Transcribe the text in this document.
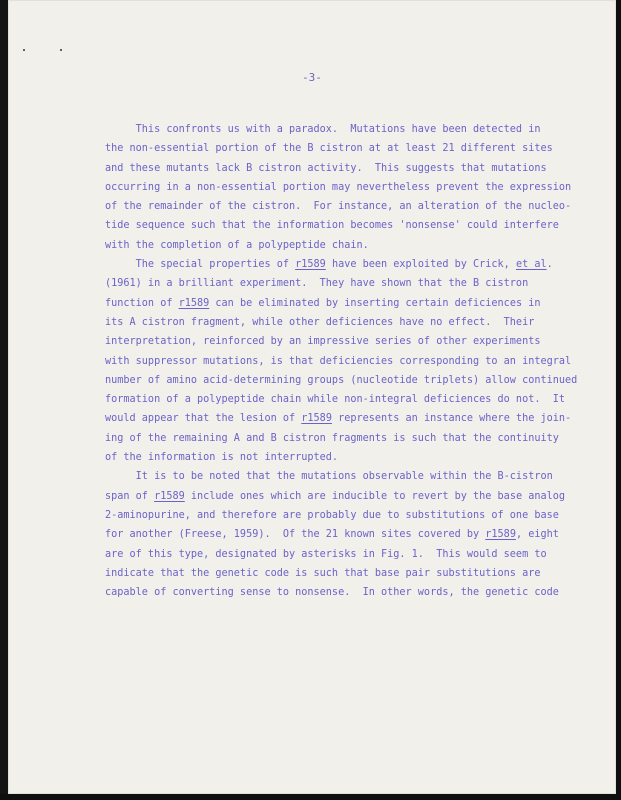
-3-
This confronts us with a paradox.  Mutations have been detected in
the non-essential portion of the B cistron at at least 21 different sites
and these mutants lack B cistron activity.  This suggests that mutations
occurring in a non-essential portion may nevertheless prevent the expression
of the remainder of the cistron.  For instance, an alteration of the nucleo-
tide sequence such that the information becomes 'nonsense' could interfere
with the completion of a polypeptide chain.
The special properties of r1589 have been exploited by Crick, et al.
(1961) in a brilliant experiment.  They have shown that the B cistron
function of r1589 can be eliminated by inserting certain deficiences in
its A cistron fragment, while other deficiences have no effect.  Their
interpretation, reinforced by an impressive series of other experiments
with suppressor mutations, is that deficiencies corresponding to an integral
number of amino acid-determining groups (nucleotide triplets) allow continued
formation of a polypeptide chain while non-integral deficiences do not.  It
would appear that the lesion of r1589 represents an instance where the join-
ing of the remaining A and B cistron fragments is such that the continuity
of the information is not interrupted.
It is to be noted that the mutations observable within the B-cistron
span of r1589 include ones which are inducible to revert by the base analog
2-aminopurine, and therefore are probably due to substitutions of one base
for another (Freese, 1959).  Of the 21 known sites covered by r1589, eight
are of this type, designated by asterisks in Fig. 1.  This would seem to
indicate that the genetic code is such that base pair substitutions are
capable of converting sense to nonsense.  In other words, the genetic code
